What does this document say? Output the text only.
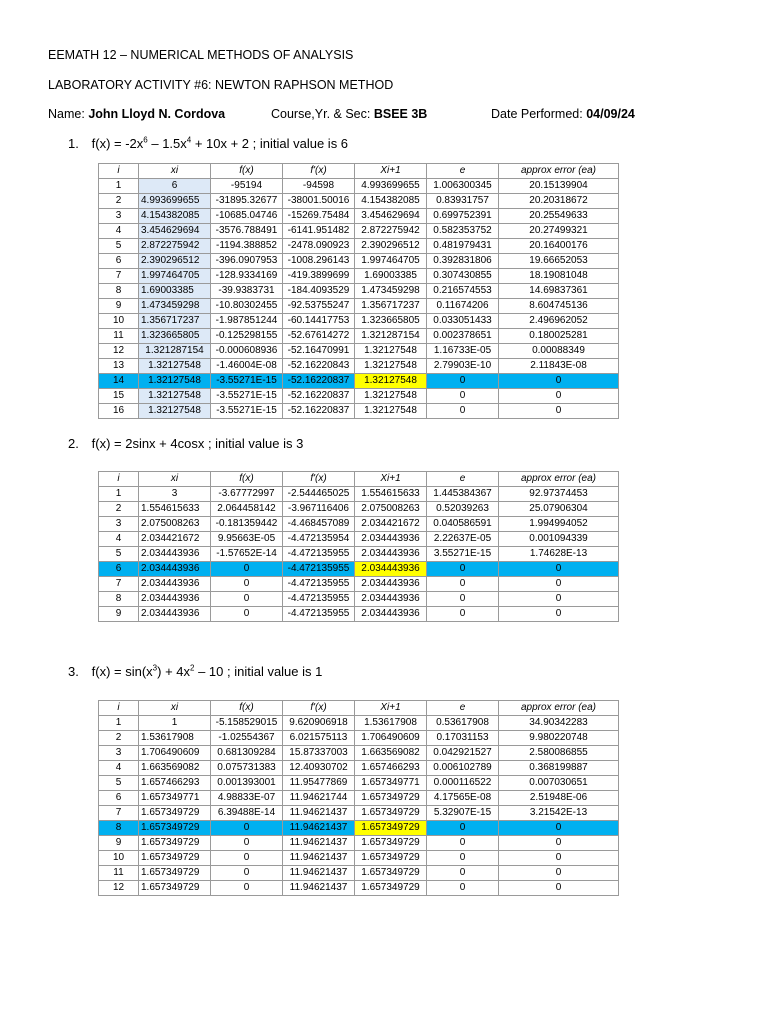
EEMATH 12 – NUMERICAL METHODS OF ANALYSIS
LABORATORY ACTIVITY #6: NEWTON RAPHSON METHOD
Name: John Lloyd N. Cordova	Course,Yr. & Sec: BSEE 3B	Date Performed: 04/09/24
1. $f(x) = -2x^6 - 1.5x^4 + 10x + 2$ ; initial value is 6
i	xi	f(x)	f'(x)	Xi+1	e	approx error (ea)
1	6	-95194	-94598	4.993699655	1.006300345	20.15139904
2	4.993699655	-31895.32677	-38001.50016	4.154382085	0.83931757	20.20318672
3	4.154382085	-10685.04746	-15269.75484	3.454629694	0.699752391	20.25549633
4	3.454629694	-3576.788491	-6141.951482	2.872275942	0.582353752	20.27499321
5	2.872275942	-1194.388852	-2478.090923	2.390296512	0.481979431	20.16400176
6	2.390296512	-396.0907953	-1008.296143	1.997464705	0.392831806	19.66652053
7	1.997464705	-128.9334169	-419.3899699	1.69003385	0.307430855	18.19081048
8	1.69003385	-39.9383731	-184.4093529	1.473459298	0.216574553	14.69837361
9	1.473459298	-10.80302455	-92.53755247	1.356717237	0.11674206	8.604745136
10	1.356717237	-1.987851244	-60.14417753	1.323665805	0.033051433	2.496962052
11	1.323665805	-0.125298155	-52.67614272	1.321287154	0.002378651	0.180025281
12	1.321287154	-0.000608936	-52.16470991	1.32127548	1.16733E-05	0.00088349
13	1.32127548	-1.46004E-08	-52.16220843	1.32127548	2.79903E-10	2.11843E-08
14	1.32127548	-3.55271E-15	-52.16220837	1.32127548	0	0
15	1.32127548	-3.55271E-15	-52.16220837	1.32127548	0	0
16	1.32127548	-3.55271E-15	-52.16220837	1.32127548	0	0
2. f(x) = 2sinx + 4cosx ; initial value is 3
i	xi	f(x)	f'(x)	Xi+1	e	approx error (ea)
1	3	-3.67772997	-2.544465025	1.554615633	1.445384367	92.97374453
2	1.554615633	2.064458142	-3.967116406	2.075008263	0.52039263	25.07906304
3	2.075008263	-0.181359442	-4.468457089	2.034421672	0.040586591	1.994994052
4	2.034421672	9.95663E-05	-4.472135954	2.034443936	2.22637E-05	0.001094339
5	2.034443936	-1.57652E-14	-4.472135955	2.034443936	3.55271E-15	1.74628E-13
6	2.034443936	0	-4.472135955	2.034443936	0	0
7	2.034443936	0	-4.472135955	2.034443936	0	0
8	2.034443936	0	-4.472135955	2.034443936	0	0
9	2.034443936	0	-4.472135955	2.034443936	0	0
3. $f(x) = \sin(x^3) + 4x^2 - 10$ ; initial value is 1
i	xi	f(x)	f'(x)	Xi+1	e	approx error (ea)
1	1	-5.158529015	9.620906918	1.53617908	0.53617908	34.90342283
2	1.53617908	-1.02554367	6.021575113	1.706490609	0.17031153	9.980220748
3	1.706490609	0.681309284	15.87337003	1.663569082	0.042921527	2.580086855
4	1.663569082	0.075731383	12.40930702	1.657466293	0.006102789	0.368199887
5	1.657466293	0.001393001	11.95477869	1.657349771	0.000116522	0.007030651
6	1.657349771	4.98833E-07	11.94621744	1.657349729	4.17565E-08	2.51948E-06
7	1.657349729	6.39488E-14	11.94621437	1.657349729	5.32907E-15	3.21542E-13
8	1.657349729	0	11.94621437	1.657349729	0	0
9	1.657349729	0	11.94621437	1.657349729	0	0
10	1.657349729	0	11.94621437	1.657349729	0	0
11	1.657349729	0	11.94621437	1.657349729	0	0
12	1.657349729	0	11.94621437	1.657349729	0	0
